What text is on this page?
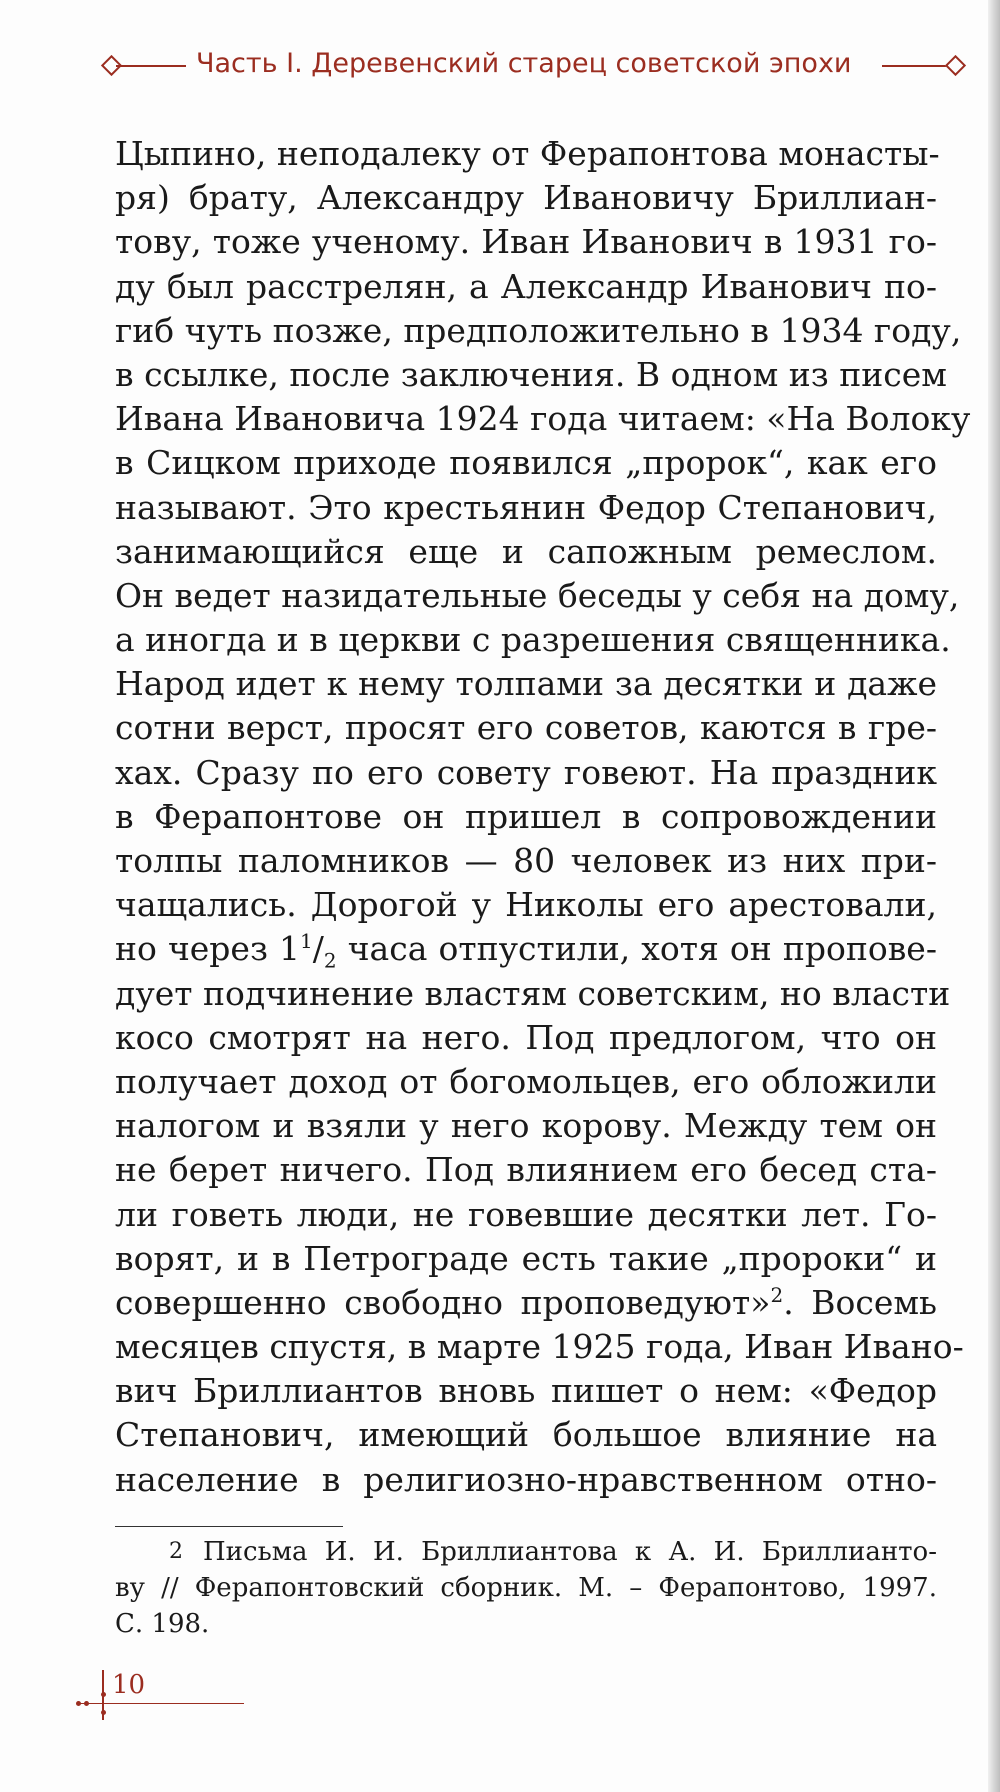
Часть I. Деревенский старец советской эпохи
Цыпино, неподалеку от Ферапонтова монасты-
ря) брату, Александру Ивановичу Бриллиан-
тову, тоже ученому. Иван Иванович в 1931 го-
ду был расстрелян, а Александр Иванович по-
гиб чуть позже, предположительно в 1934 году,
в ссылке, после заключения. В одном из писем
Ивана Ивановича 1924 года читаем: «На Волоку
в Сицком приходе появился „пророк“, как его
называют. Это крестьянин Федор Степанович,
занимающийся еще и сапожным ремеслом.
Он ведет назидательные беседы у себя на дому,
а иногда и в церкви с разрешения священника.
Народ идет к нему толпами за десятки и даже
сотни верст, просят его советов, каются в гре-
хах. Сразу по его совету говеют. На праздник
в Ферапонтове он пришел в сопровождении
толпы паломников — 80 человек из них при-
чащались. Дорогой у Николы его арестовали,
но через $1^1/_2$ часа отпустили, хотя он пропове-
дует подчинение властям советским, но власти
косо смотрят на него. Под предлогом, что он
получает доход от богомольцев, его обложили
налогом и взяли у него корову. Между тем он
не берет ничего. Под влиянием его бесед ста-
ли говеть люди, не говевшие десятки лет. Го-
ворят, и в Петрограде есть такие „пророки“ и
совершенно свободно проповедуют»$^2$. Восемь
месяцев спустя, в марте 1925 года, Иван Ивано-
вич Бриллиантов вновь пишет о нем: «Федор
Степанович, имеющий большое влияние на
население в религиозно-нравственном отно-
2 Письма И. И. Бриллиантова к А. И. Бриллианто-
ву // Ферапонтовский сборник. М. – Ферапонтово, 1997.
С. 198.
10
